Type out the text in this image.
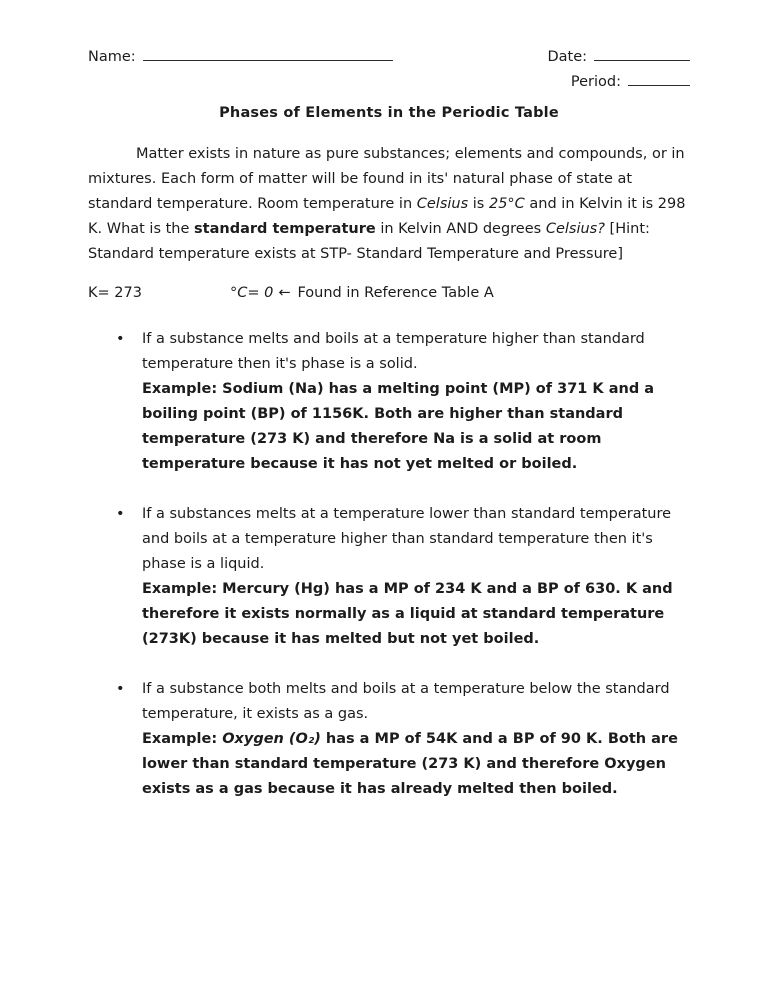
Name:	Date:
Period:
Phases of Elements in the Periodic Table

Matter exists in nature as pure substances; elements and compounds, or in mixtures. Each form of matter will be found in its' natural phase of state at standard temperature. Room temperature in Celsius is 25°C and in Kelvin it is 298 K. What is the standard temperature in Kelvin AND degrees Celsius? [Hint: Standard temperature exists at STP- Standard Temperature and Pressure]

K= 273	°C= 0 ← Found in Reference Table A

•	If a substance melts and boils at a temperature higher than standard temperature then it's phase is a solid.
Example: Sodium (Na) has a melting point (MP) of 371 K and a boiling point (BP) of 1156K. Both are higher than standard temperature (273 K) and therefore Na is a solid at room temperature because it has not yet melted or boiled.
•	If a substances melts at a temperature lower than standard temperature and boils at a temperature higher than standard temperature then it's phase is a liquid.
Example: Mercury (Hg) has a MP of 234 K and a BP of 630. K and therefore it exists normally as a liquid at standard temperature (273K) because it has melted but not yet boiled.
•	If a substance both melts and boils at a temperature below the standard temperature, it exists as a gas.
Example: Oxygen (O₂) has a MP of 54K and a BP of 90 K. Both are lower than standard temperature (273 K) and therefore Oxygen exists as a gas because it has already melted then boiled.
